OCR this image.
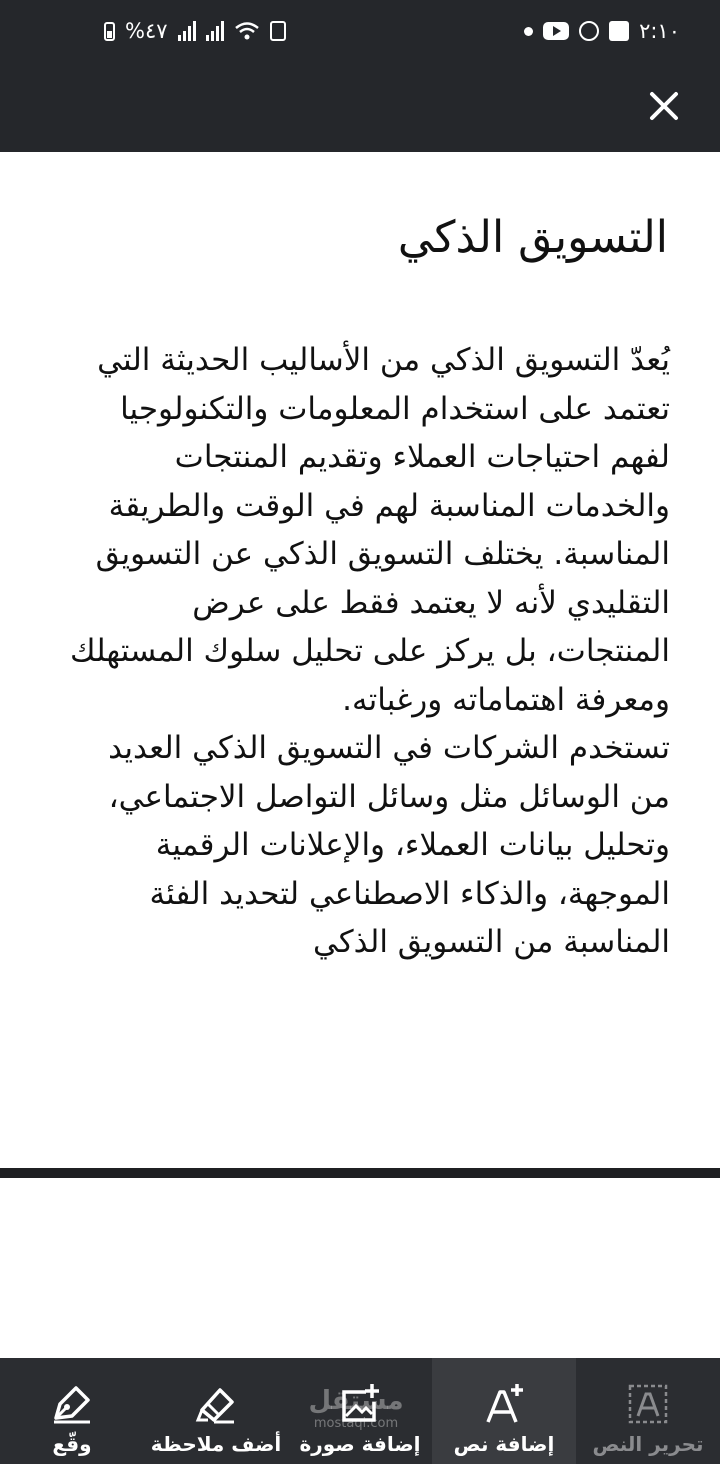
%٤٧	٢:١٠
التسويق الذكي

يُعدّ التسويق الذكي من الأساليب الحديثة التي تعتمد على استخدام المعلومات والتكنولوجيا لفهم احتياجات العملاء وتقديم المنتجات والخدمات المناسبة لهم في الوقت والطريقة المناسبة. يختلف التسويق الذكي عن التسويق التقليدي لأنه لا يعتمد فقط على عرض المنتجات، بل يركز على تحليل سلوك المستهلك ومعرفة اهتماماته ورغباته.

تستخدم الشركات في التسويق الذكي العديد من الوسائل مثل وسائل التواصل الاجتماعي، وتحليل بيانات العملاء، والإعلانات الرقمية الموجهة، والذكاء الاصطناعي لتحديد الفئة المناسبة من التسويق الذكي

وقّع	أضف ملاحظة إضافة صورة	إضافة نص	تحرير النص
مستقل
mostaql.com
